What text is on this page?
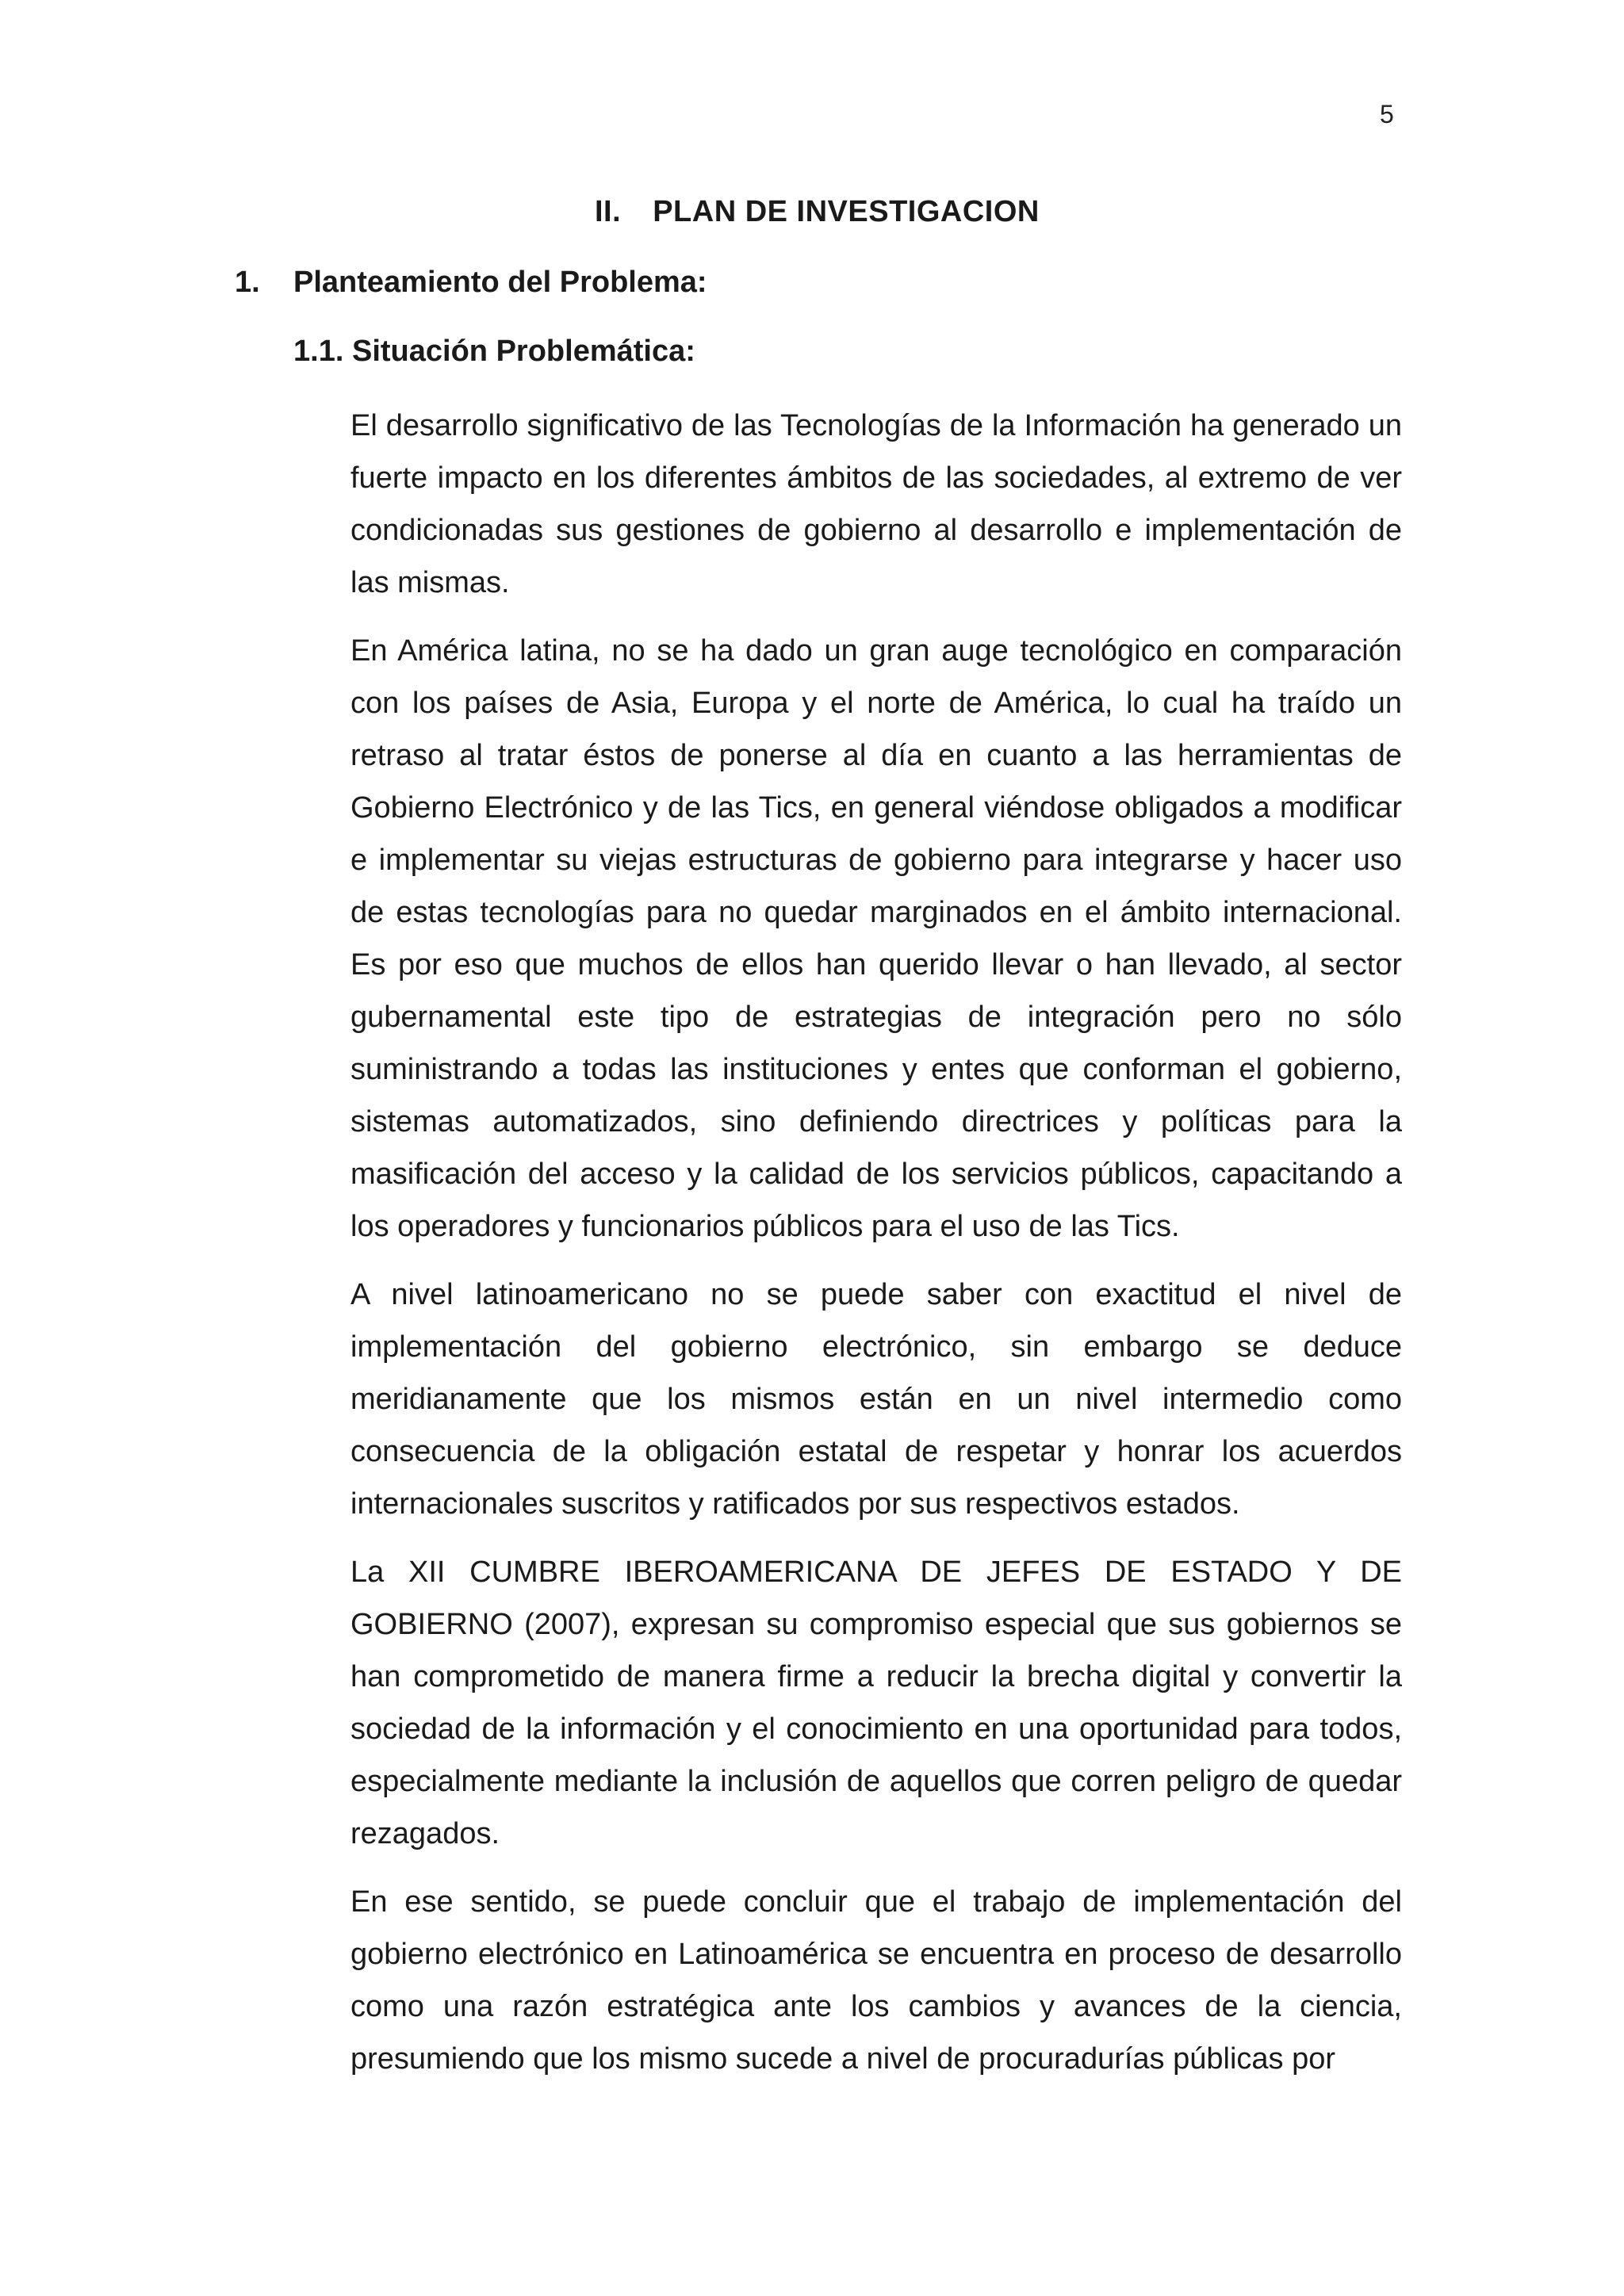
5
II. PLAN DE INVESTIGACION
1. Planteamiento del Problema:
1.1. Situación Problemática:

El desarrollo significativo de las Tecnologías de la Información ha generado un fuerte impacto en los diferentes ámbitos de las sociedades, al extremo de ver condicionadas sus gestiones de gobierno al desarrollo e implementación de las mismas.

En América latina, no se ha dado un gran auge tecnológico en comparación con los países de Asia, Europa y el norte de América, lo cual ha traído un retraso al tratar éstos de ponerse al día en cuanto a las herramientas de Gobierno Electrónico y de las Tics, en general viéndose obligados a modificar e implementar su viejas estructuras de gobierno para integrarse y hacer uso de estas tecnologías para no quedar marginados en el ámbito internacional. Es por eso que muchos de ellos han querido llevar o han llevado, al sector gubernamental este tipo de estrategias de integración pero no sólo suministrando a todas las instituciones y entes que conforman el gobierno, sistemas automatizados, sino definiendo directrices y políticas para la masificación del acceso y la calidad de los servicios públicos, capacitando a los operadores y funcionarios públicos para el uso de las Tics.

A nivel latinoamericano no se puede saber con exactitud el nivel de implementación del gobierno electrónico, sin embargo se deduce meridianamente que los mismos están en un nivel intermedio como consecuencia de la obligación estatal de respetar y honrar los acuerdos internacionales suscritos y ratificados por sus respectivos estados.

La XII CUMBRE IBEROAMERICANA DE JEFES DE ESTADO Y DE GOBIERNO (2007), expresan su compromiso especial que sus gobiernos se han comprometido de manera firme a reducir la brecha digital y convertir la sociedad de la información y el conocimiento en una oportunidad para todos, especialmente mediante la inclusión de aquellos que corren peligro de quedar rezagados.

En ese sentido, se puede concluir que el trabajo de implementación del gobierno electrónico en Latinoamérica se encuentra en proceso de desarrollo como una razón estratégica ante los cambios y avances de la ciencia, presumiendo que los mismo sucede a nivel de procuradurías públicas por
